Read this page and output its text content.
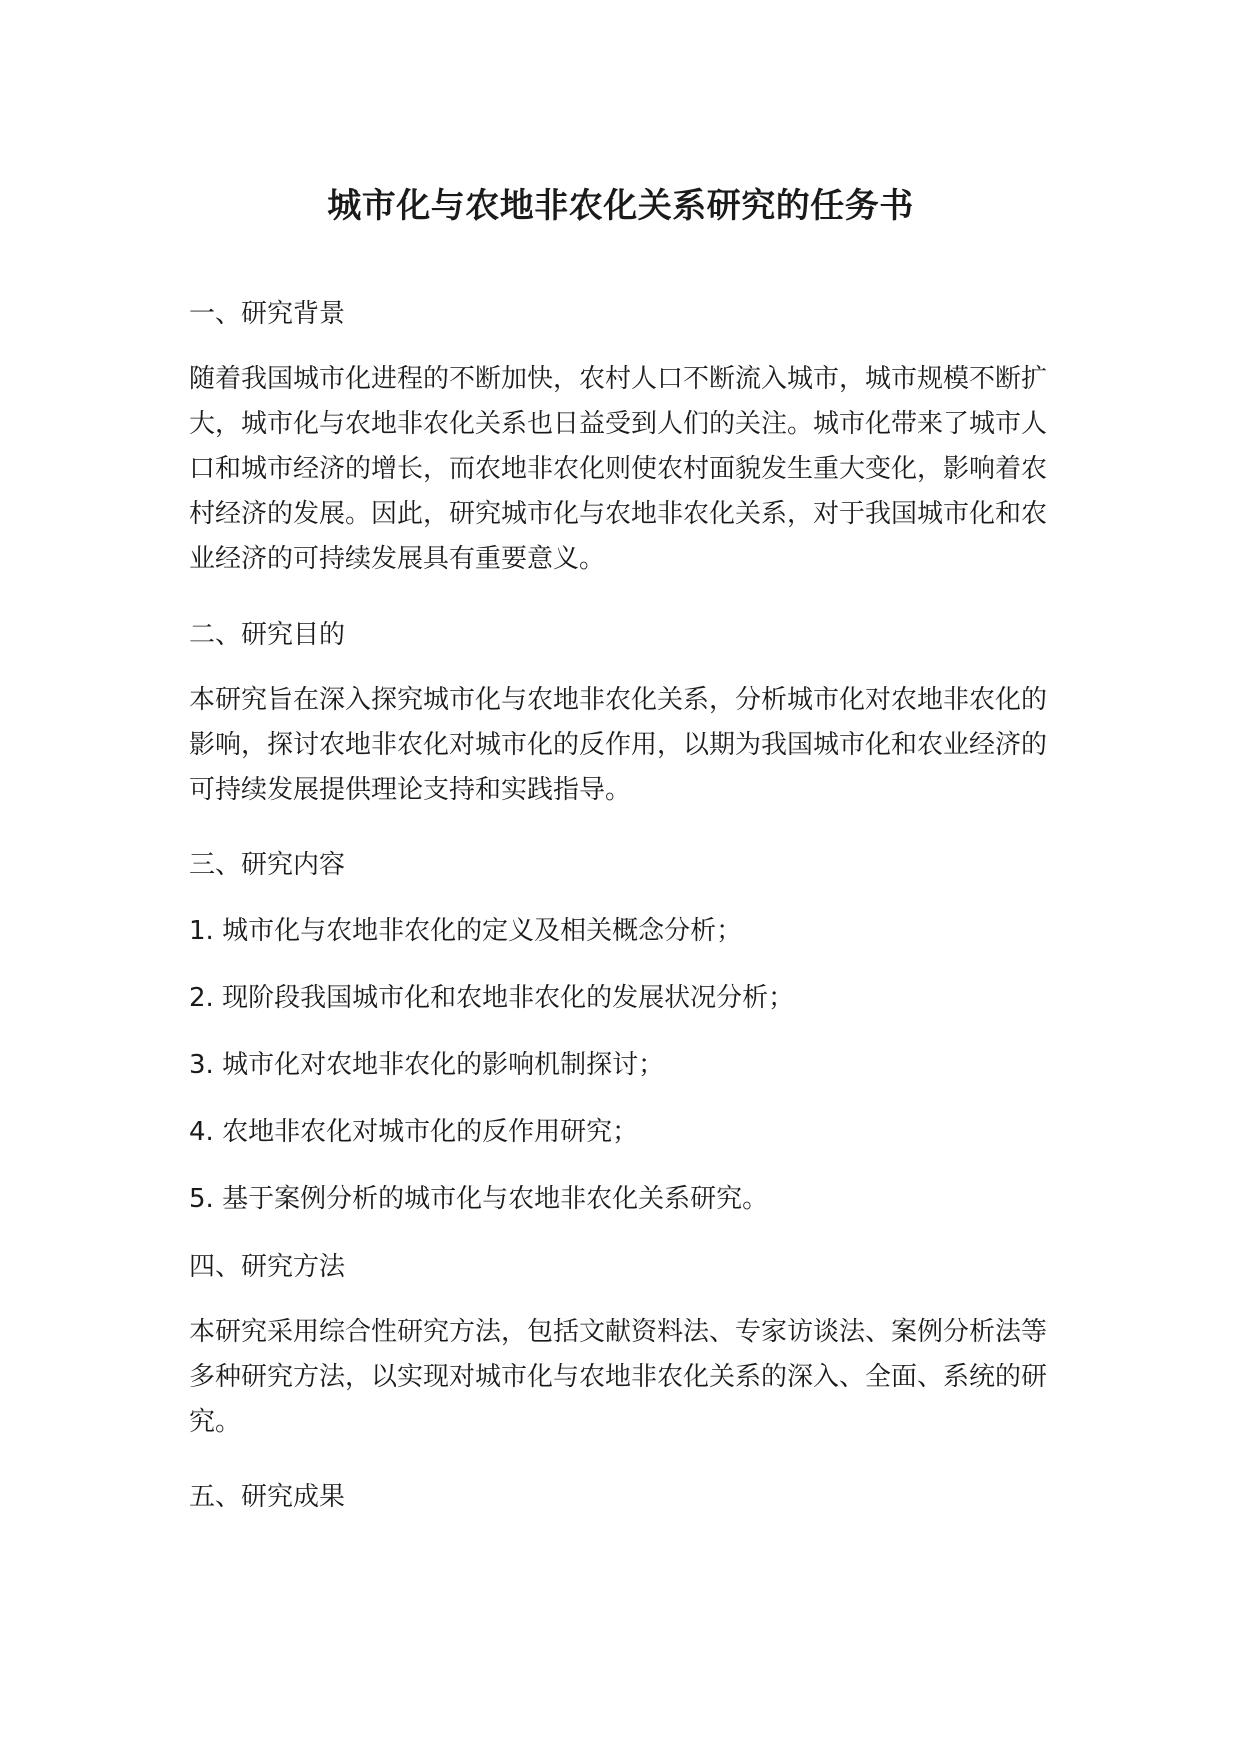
城市化与农地非农化关系研究的任务书
一、研究背景

随着我国城市化进程的不断加快，农村人口不断流入城市，城市规模不断扩大，城市化与农地非农化关系也日益受到人们的关注。城市化带来了城市人口和城市经济的增长，而农地非农化则使农村面貌发生重大变化，影响着农村经济的发展。因此，研究城市化与农地非农化关系，对于我国城市化和农业经济的可持续发展具有重要意义。

二、研究目的

本研究旨在深入探究城市化与农地非农化关系，分析城市化对农地非农化的影响，探讨农地非农化对城市化的反作用，以期为我国城市化和农业经济的可持续发展提供理论支持和实践指导。

三、研究内容
1. 城市化与农地非农化的定义及相关概念分析；
2. 现阶段我国城市化和农地非农化的发展状况分析；
3. 城市化对农地非农化的影响机制探讨；
4. 农地非农化对城市化的反作用研究；
5. 基于案例分析的城市化与农地非农化关系研究。
四、研究方法

本研究采用综合性研究方法，包括文献资料法、专家访谈法、案例分析法等多种研究方法，以实现对城市化与农地非农化关系的深入、全面、系统的研究。

五、研究成果
